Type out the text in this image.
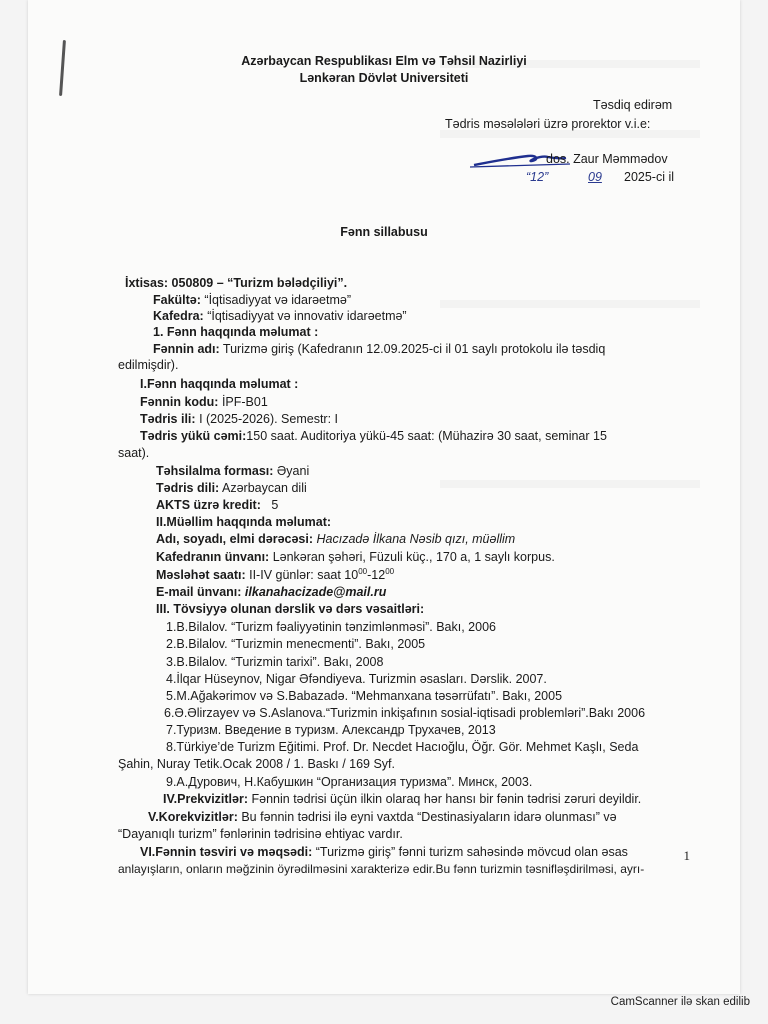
Azərbaycan Respublikası Elm və Təhsil Nazirliyi
Lənkəran Dövlət Universiteti
Təsdiq edirəm
Tədris məsələləri üzrə prorektor v.i.e:
dos. Zaur Məmmədov
“12”	09 2025-ci il
Fənn sillabusu
İxtisas: 050809 – “Turizm bələdçiliyi”.
Fakültə: “İqtisadiyyat və idarəetmə”
Kafedra: “İqtisadiyyat və innovativ idarəetmə”
1. Fənn haqqında məlumat :
Fənnin adı: Turizmə giriş (Kafedranın 12.09.2025-ci il 01 saylı protokolu ilə təsdiq
edilmişdir).
I.Fənn haqqında məlumat :
Fənnin kodu: İPF-B01
Tədris ili: I (2025-2026). Semestr: I
Tədris yükü cəmi:150 saat. Auditoriya yükü-45 saat: (Mühazirə 30 saat, seminar 15
saat).
Təhsilalma forması: Əyani
Tədris dili: Azərbaycan dili
AKTS üzrə kredit: 5
II.Müəllim haqqında məlumat:
Adı, soyadı, elmi dərəcəsi: Hacızadə İlkana Nəsib qızı, müəllim
Kafedranın ünvanı: Lənkəran şəhəri, Füzuli küç., 170 a, 1 saylı korpus.
Məsləhət saatı: II-IV günlər: saat $10^{00}-12^{00}$
E-mail ünvanı: ilkanahacizade@mail.ru
III. Tövsiyyə olunan dərslik və dərs vəsaitləri:
1.B.Bilalov. “Turizm fəaliyyətinin tənzimlənməsi”. Bakı, 2006
2.B.Bilalov. “Turizmin menecmenti”. Bakı, 2005
3.B.Bilalov. “Turizmin tarixi”. Bakı, 2008
4.İlqar Hüseynov, Nigar Əfəndiyeva. Turizmin əsasları. Dərslik. 2007.
5.M.Ağakərimov və S.Babazadə. “Mehmanxana təsərrüfatı”. Bakı, 2005
6.Ə.Əlirzayev və S.Aslanova.“Turizmin inkişafının sosial-iqtisadi problemləri”.Bakı 2006
7.Туризм. Введение в туризм. Александр Трухачев, 2013
8.Türkiye’de Turizm Eğitimi. Prof. Dr. Necdet Hacıoğlu, Öğr. Gör. Mehmet Kaşlı, Seda
Şahin, Nuray Tetik.Ocak 2008 / 1. Baskı / 169 Syf.
9.А.Дурович, Н.Кабушкин “Организация туризма”. Минск, 2003.
IV.Prekvizitlər: Fənnin tədrisi üçün ilkin olaraq hər hansı bir fənin tədrisi zəruri deyildir.
V.Korekvizitlər: Bu fənnin tədrisi ilə eyni vaxtda “Destinasiyaların idarə olunması” və
“Dayanıqlı turizm” fənlərinin tədrisinə ehtiyac vardır.
VI.Fənnin təsviri və məqsədi: “Turizmə giriş” fənni turizm sahəsində mövcud olan əsas
anlayışların, onların məğzinin öyrədilməsini xarakterizə edir.Bu fənn turizmin təsnifləşdirilməsi, ayrı-
1
CamScanner ilə skan edilib
